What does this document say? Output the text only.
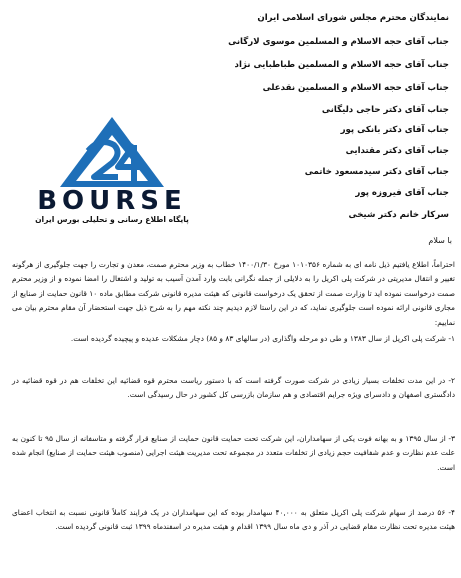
نمایندگان محترم مجلس شورای اسلامی ایران
جناب آقای حجه الاسلام و المسلمین موسوی لارگانی
جناب آقای حجه الاسلام و المسلمین طباطبایی نژاد
جناب آقای حجه الاسلام و المسلمین نقدعلی
جناب آقای دکتر حاجی دلیگانی
جناب آقای دکتر بانکی پور
جناب آقای دکتر مقتدایی
جناب آقای دکتر سیدمسعود خاتمی
جناب آقای فیروزه پور
سرکار خانم دکتر شیخی
BOURSE
پایگاه اطلاع رسانی و تحلیلی بورس ایران
با سلام
احتراماً، اطلاع یافتیم ذیل نامه ای به شماره ۱۰۱۰۳۵۶ مورخ ۱۴۰۰/۱/۳۰ خطاب به وزیر محترم صمت، معدن و تجارت را جهت جلوگیری از هرگونه تغییر و انتقال مدیریتی در شرکت پلی اکریل را به دلایلی از جمله نگرانی بابت وارد آمدن آسیب به تولید و اشتغال را امضا نموده و از وزیر محترم صمت درخواست نموده اید تا وزارت صمت از تحقق یک درخواست قانونی که هیئت مدیره قانونی شرکت مطابق ماده ۱۰ قانون حمایت از صنایع از مجاری قانونی ارائه نموده است جلوگیری نماید، که در این راستا لازم دیدیم چند نکته مهم را به شرح ذیل جهت استحضار آن مقام محترم بیان می نماییم:
۱- شرکت پلی اکریل از سال ۱۳۸۳ و طی دو مرحله واگذاری (در سالهای ۸۳ و ۸۵) دچار مشکلات عدیده و پیچیده گردیده است.
۲- در این مدت تخلفات بسیار زیادی در شرکت صورت گرفته است که با دستور ریاست محترم قوه قضائیه این تخلفات هم در قوه قضائیه در دادگستری اصفهان و دادسرای ویژه جرایم اقتصادی و هم سازمان بازرسی کل کشور در حال رسیدگی است.
۳- از سال ۱۳۹۵ و به بهانه فوت یکی از سهامداران، این شرکت تحت حمایت قانون حمایت از صنایع قرار گرفته و متاسفانه از سال ۹۵ تا کنون به علت عدم نظارت و عدم شفافیت حجم زیادی از تخلفات متعدد در مجموعه تحت مدیریت هیئت اجرایی (منصوب هیئت حمایت از صنایع) انجام شده است.
۴- ۵۶ درصد از سهام شرکت پلی اکریل متعلق به ۴۰,۰۰۰ سهامدار بوده که این سهامداران در یک فرایند کاملاً قانونی نسبت به انتخاب اعضای هیئت مدیره تحت نظارت مقام قضایی در آذر و دی ماه سال ۱۳۹۹ اقدام و هیئت مدیره در اسفندماه ۱۳۹۹ ثبت قانونی گردیده است.
